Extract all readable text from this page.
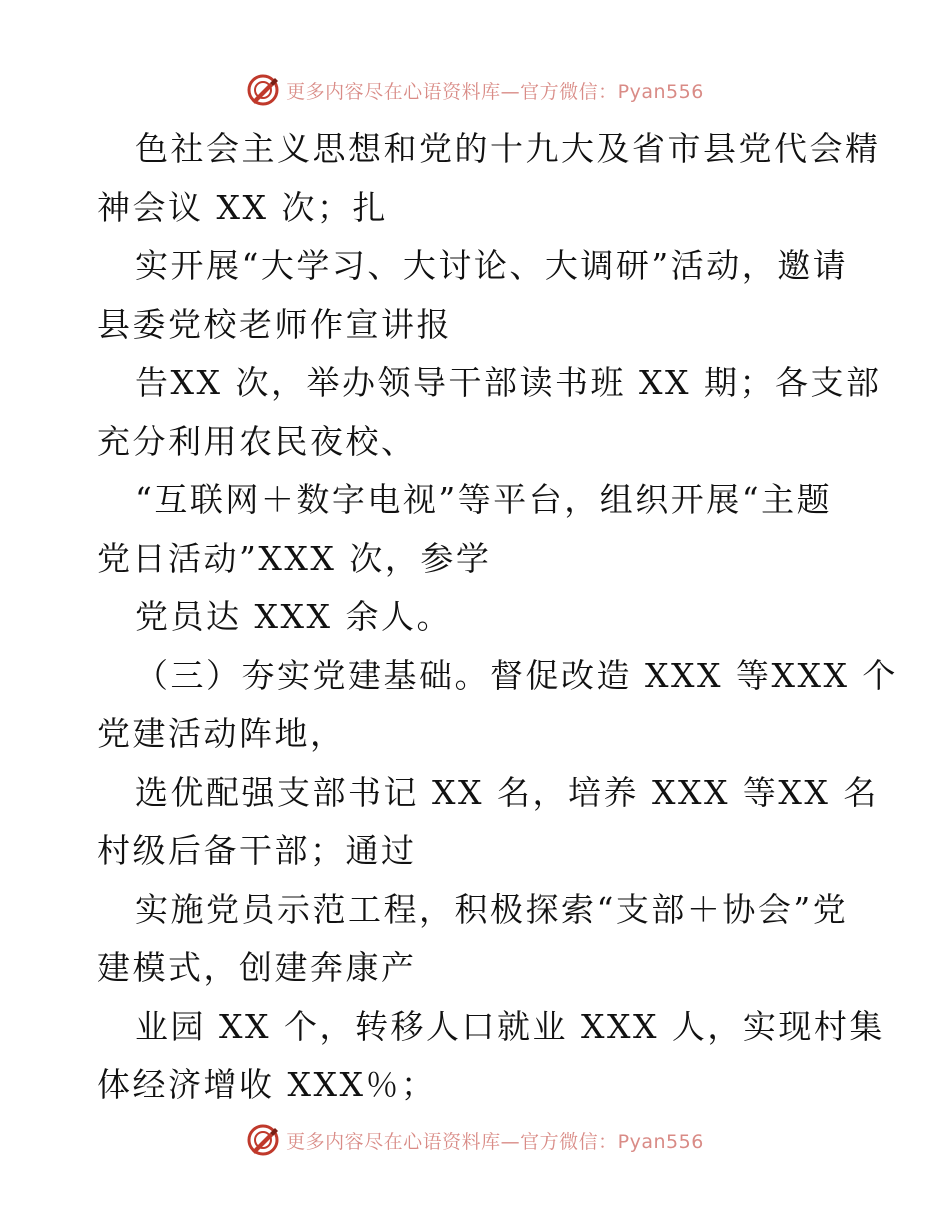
更多内容尽在心语资料库—官方微信：Pyan556
色社会主义思想和党的十九大及省市县党代会精
神会议 XX 次；扎
实开展“大学习、大讨论、大调研”活动，邀请
县委党校老师作宣讲报
告XX 次，举办领导干部读书班 XX 期；各支部
充分利用农民夜校、
“互联网＋数字电视”等平台，组织开展“主题
党日活动”XXX 次，参学
党员达 XXX 余人。
（三）夯实党建基础。督促改造 XXX 等XXX 个
党建活动阵地，
选优配强支部书记 XX 名，培养 XXX 等XX 名
村级后备干部；通过
实施党员示范工程，积极探索“支部＋协会”党
建模式，创建奔康产
业园 XX 个，转移人口就业 XXX 人，实现村集
体经济增收 XXX％；
更多内容尽在心语资料库—官方微信：Pyan556
